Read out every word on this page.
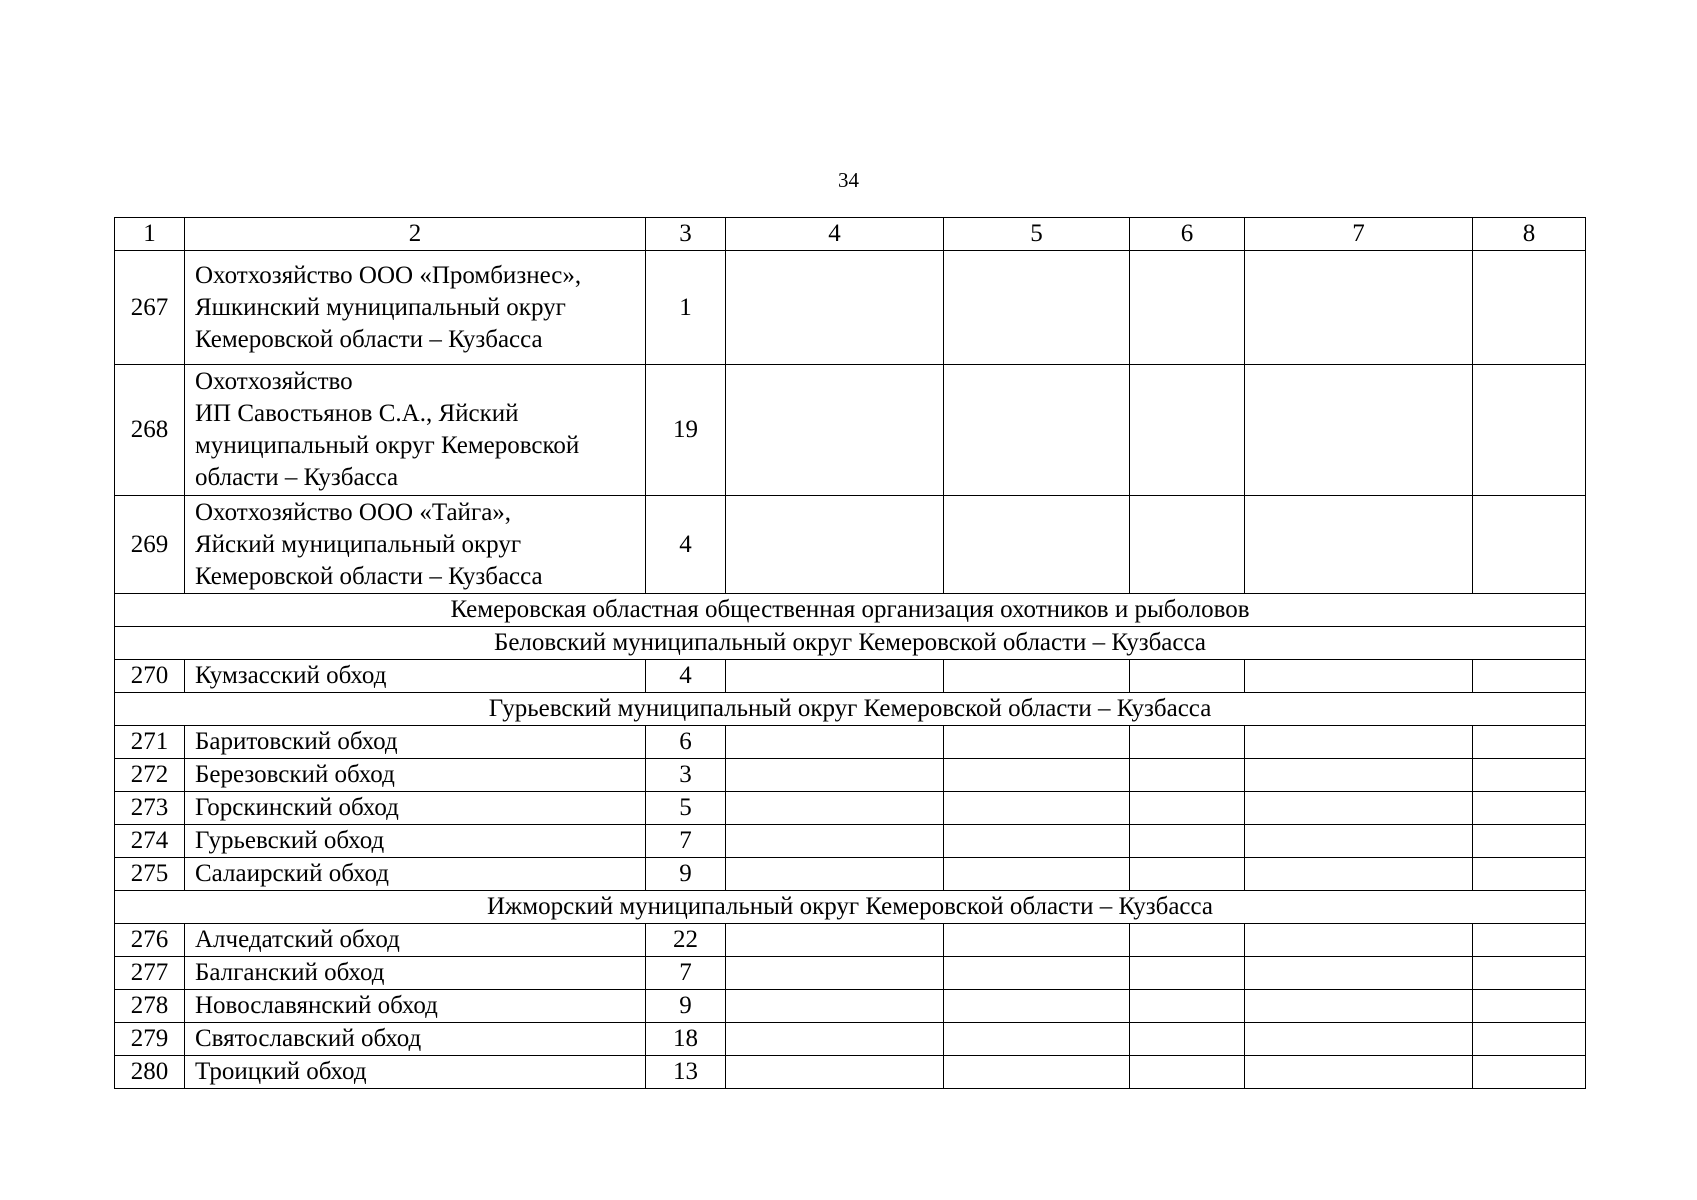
34
1	2	3	4	5	6	7	8
267	Охотхозяйство ООО «Промбизнес»,
Яшкинский муниципальный округ
Кемеровской области – Кузбасса	1					
268	Охотхозяйство
ИП Савостьянов С.А., Яйский
муниципальный округ Кемеровской
области – Кузбасса	19					
269	Охотхозяйство ООО «Тайга»,
Яйский муниципальный округ
Кемеровской области – Кузбасса	4					
Кемеровская областная общественная организация охотников и рыболовов							
Беловский муниципальный округ Кемеровской области – Кузбасса							
270	Кумзасский обход	4					
Гурьевский муниципальный округ Кемеровской области – Кузбасса							
271	Баритовский обход	6					
272	Березовский обход	3					
273	Горскинский обход	5					
274	Гурьевский обход	7					
275	Салаирский обход	9					
Ижморский муниципальный округ Кемеровской области – Кузбасса							
276	Алчедатский обход	22					
277	Балганский обход	7					
278	Новославянский обход	9					
279	Святославский обход	18					
280	Троицкий обход	13					
